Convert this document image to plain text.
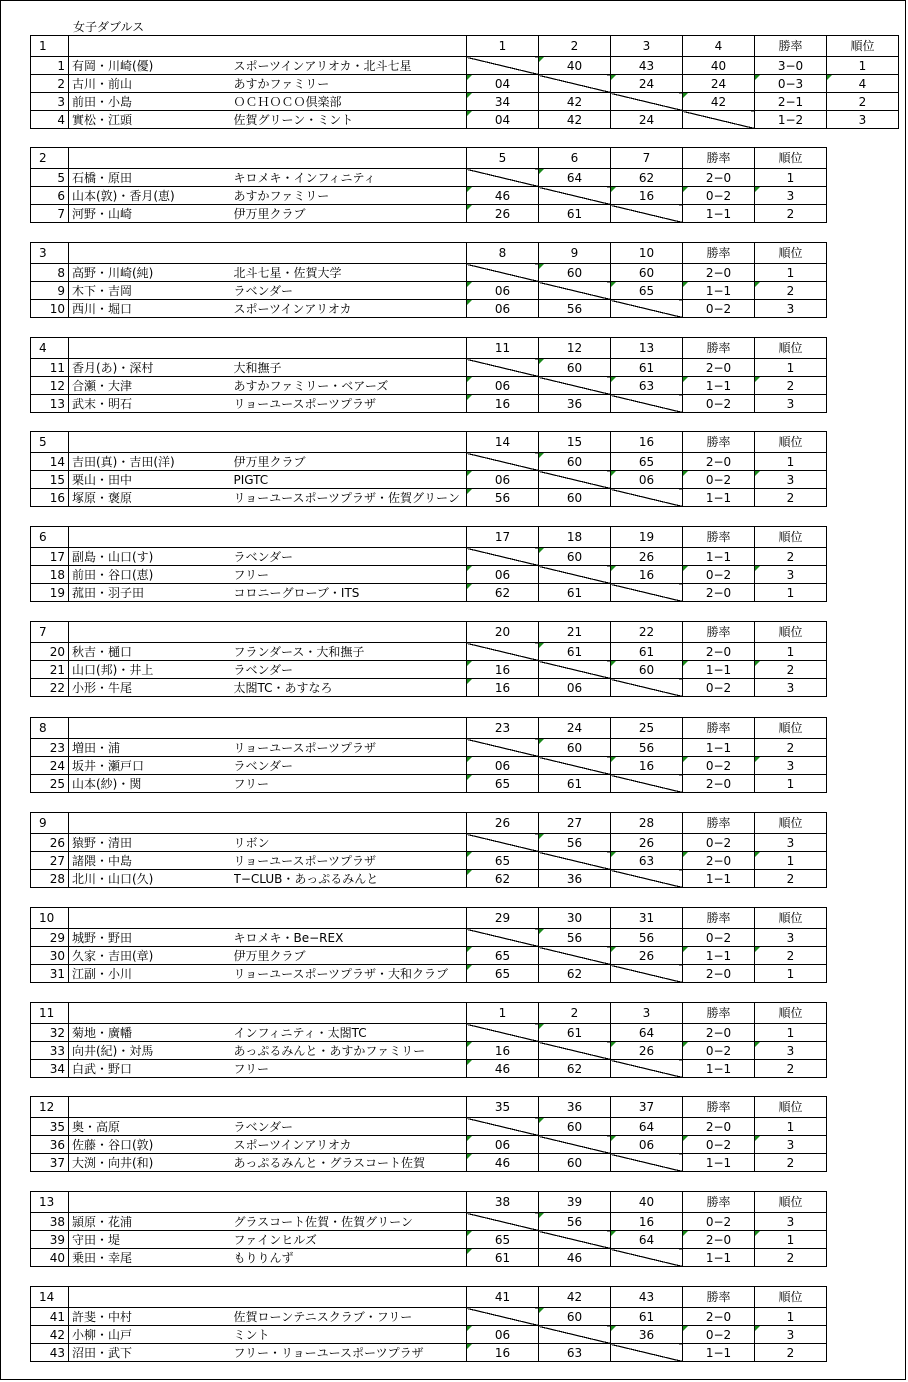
女子ダブルス
1			1	2	3	4	勝率	順位
1	有岡・川崎(優)	スポーツインアリオカ・北斗七星		40	43	40	3−0	1
2	古川・前山	あすかファミリー	04		24	24	0−3	4
3	前田・小島	ＯＣＨＯＣＯ倶楽部	34	42		42	2−1	2
4	實松・江頭	佐賀グリーン・ミント	04	42	24		1−2	3
2			5	6	7	勝率	順位
5	石橋・原田	キロメキ・インフィニティ		64	62	2−0	1
6	山本(敦)・香月(恵)	あすかファミリー	46		16	0−2	3
7	河野・山崎	伊万里クラブ	26	61		1−1	2
3			8	9	10	勝率	順位
8	高野・川崎(純)	北斗七星・佐賀大学		60	60	2−0	1
9	木下・吉岡	ラベンダー	06		65	1−1	2
10	西川・堀口	スポーツインアリオカ	06	56		0−2	3
4			11	12	13	勝率	順位
11	香月(あ)・深村	大和撫子		60	61	2−0	1
12	合瀬・大津	あすかファミリー・ベアーズ	06		63	1−1	2
13	武末・明石	リョーユースポーツプラザ	16	36		0−2	3
5			14	15	16	勝率	順位
14	吉田(真)・吉田(洋)	伊万里クラブ		60	65	2−0	1
15	栗山・田中	PIGTC	06		06	0−2	3
16	塚原・褒原	リョーユースポーツプラザ・佐賀グリーン	56	60		1−1	2
6			17	18	19	勝率	順位
17	副島・山口(す)	ラベンダー		60	26	1−1	2
18	前田・谷口(恵)	フリー	06		16	0−2	3
19	菰田・羽子田	コロニーグローブ・ITS	62	61		2−0	1
7			20	21	22	勝率	順位
20	秋吉・樋口	フランダース・大和撫子		61	61	2−0	1
21	山口(邦)・井上	ラベンダー	16		60	1−1	2
22	小形・牛尾	太閤TC・あすなろ	16	06		0−2	3
8			23	24	25	勝率	順位
23	増田・浦	リョーユースポーツプラザ		60	56	1−1	2
24	坂井・瀬戸口	ラベンダー	06		16	0−2	3
25	山本(紗)・関	フリー	65	61		2−0	1
9			26	27	28	勝率	順位
26	猿野・清田	リボン		56	26	0−2	3
27	諸隈・中島	リョーユースポーツプラザ	65		63	2−0	1
28	北川・山口(久)	T−CLUB・あっぷるみんと	62	36		1−1	2
10			29	30	31	勝率	順位
29	城野・野田	キロメキ・Be−REX		56	56	0−2	3
30	久家・吉田(章)	伊万里クラブ	65		26	1−1	2
31	江副・小川	リョーユースポーツプラザ・大和クラブ	65	62		2−0	1
11			1	2	3	勝率	順位
32	菊地・廣幡	インフィニティ・太閤TC		61	64	2−0	1
33	向井(紀)・対馬	あっぷるみんと・あすかファミリー	16		26	0−2	3
34	白武・野口	フリー	46	62		1−1	2
12			35	36	37	勝率	順位
35	奥・高原	ラベンダー		60	64	2−0	1
36	佐藤・谷口(敦)	スポーツインアリオカ	06		06	0−2	3
37	大渕・向井(和)	あっぷるみんと・グラスコート佐賀	46	60		1−1	2
13			38	39	40	勝率	順位
38	頴原・花浦	グラスコート佐賀・佐賀グリーン		56	16	0−2	3
39	守田・堤	ファインヒルズ	65		64	2−0	1
40	乗田・幸尾	もりりんず	61	46		1−1	2
14			41	42	43	勝率	順位
41	許斐・中村	佐賀ローンテニスクラブ・フリー		60	61	2−0	1
42	小柳・山戸	ミント	06		36	0−2	3
43	沼田・武下	フリー・リョーユースポーツプラザ	16	63		1−1	2
